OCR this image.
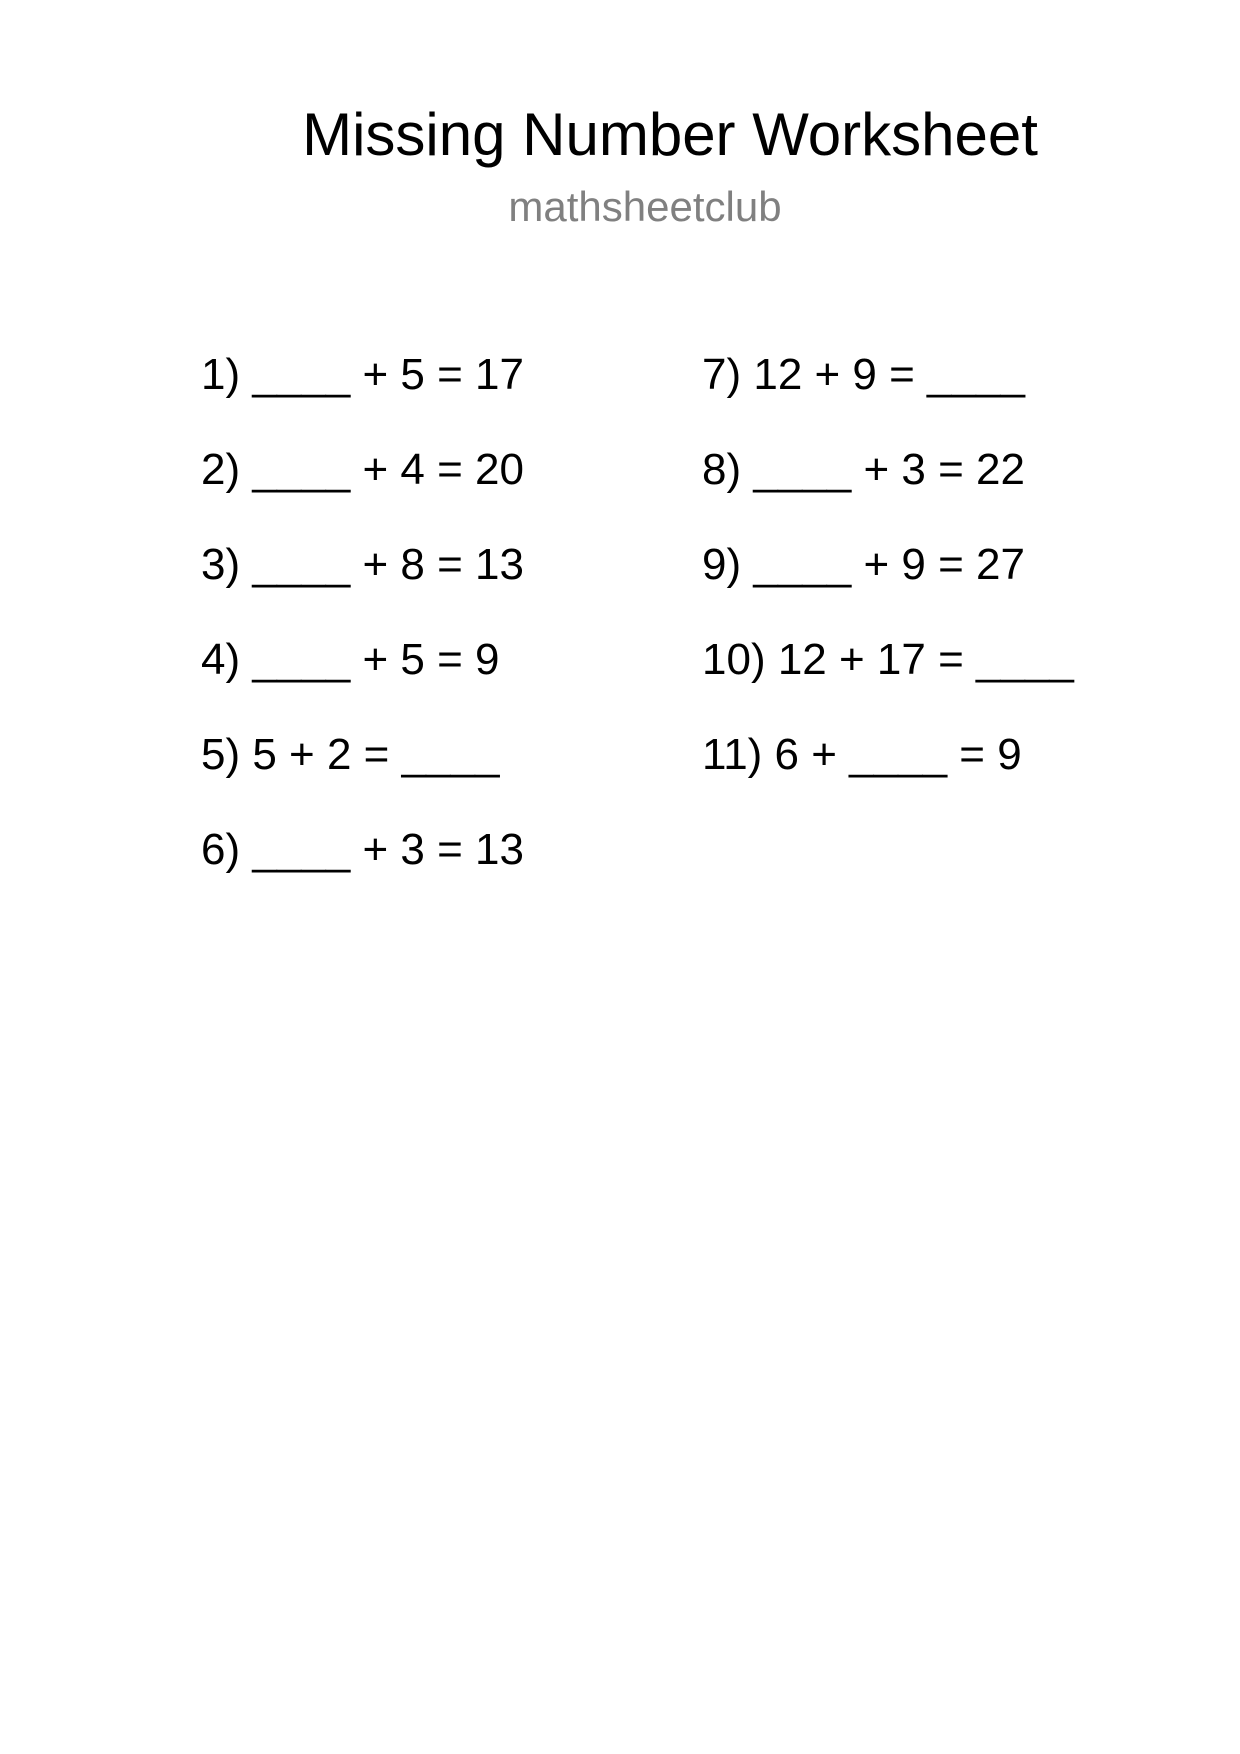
Missing Number Worksheet
mathsheetclub
1) ____ + 5 = 17
2) ____ + 4 = 20
3) ____ + 8 = 13
4) ____ + 5 = 9
5) 5 + 2 = ____
6) ____ + 3 = 13
7) 12 + 9 = ____
8) ____ + 3 = 22
9) ____ + 9 = 27
10) 12 + 17 = ____
11) 6 + ____ = 9
